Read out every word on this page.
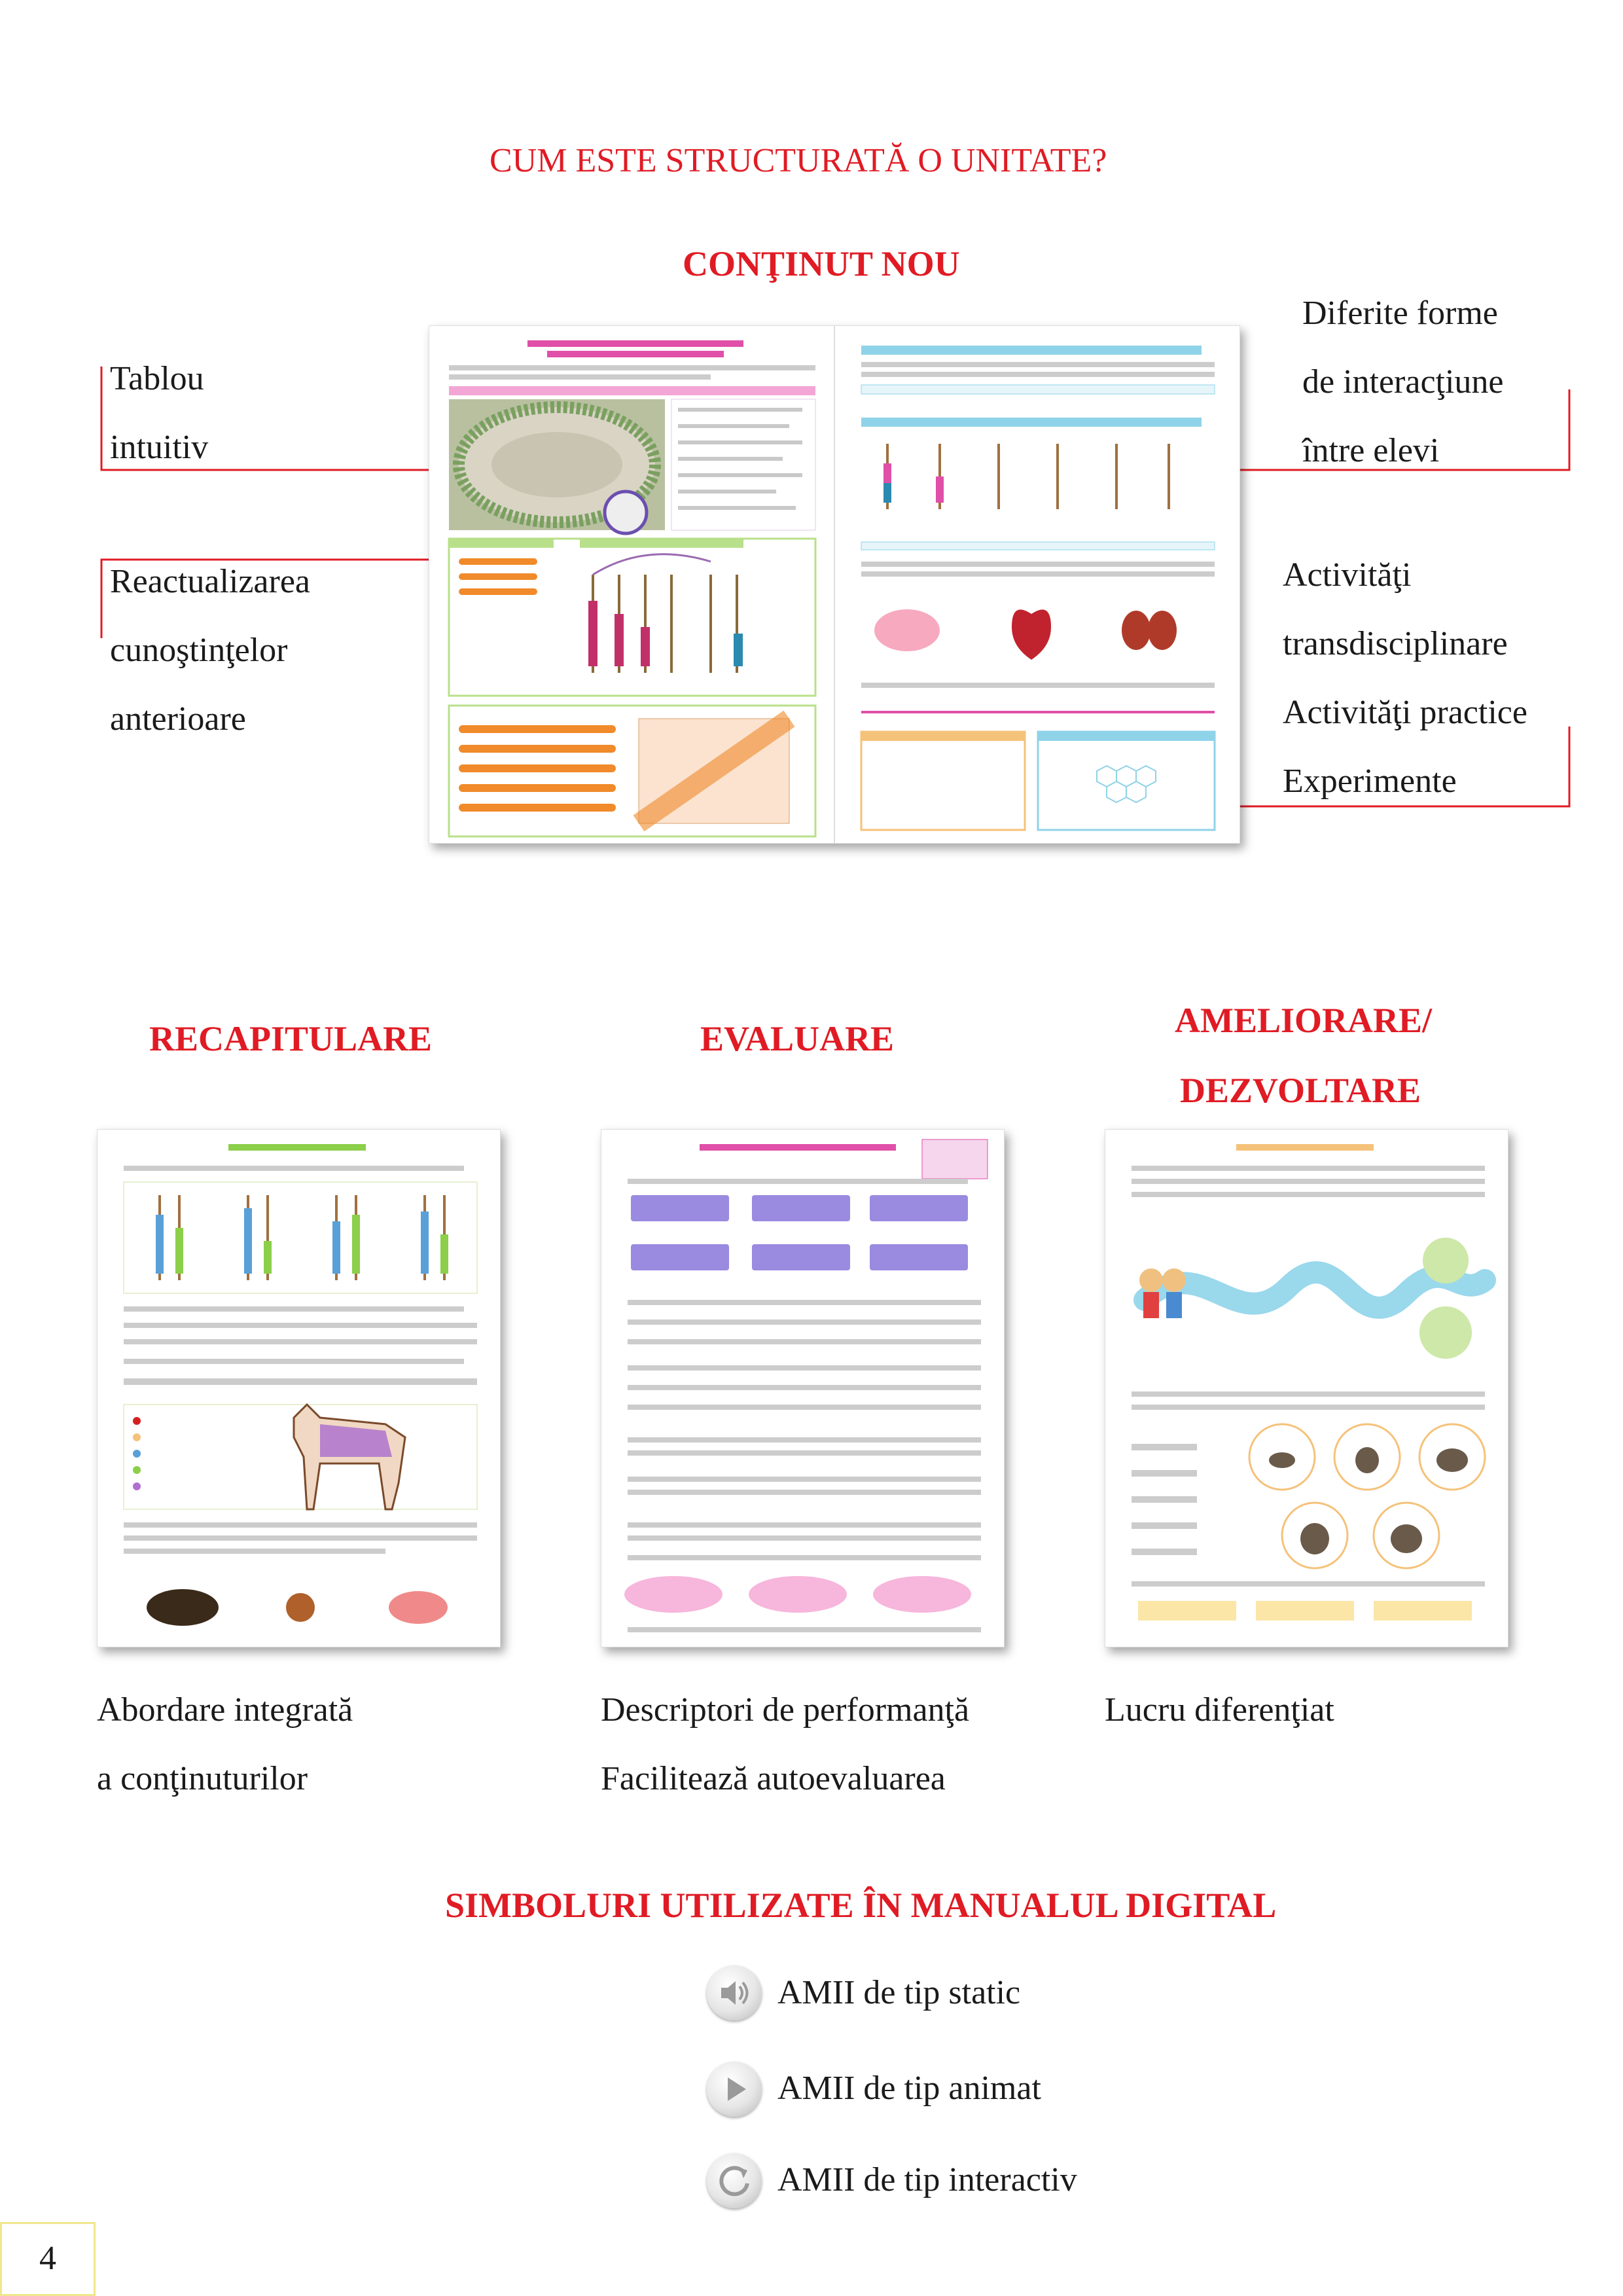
CUM ESTE STRUCTURATĂ O UNITATE?
CONŢINUT NOU
Tablou
intuitiv
Reactualizarea
cunoştinţelor
anterioare
Diferite forme
de interacţiune
între elevi
Activităţi
transdisciplinare
Activităţi practice
Experimente
RECAPITULARE	EVALUARE	AMELIORARE/
DEZVOLTARE
Abordare integrată
a conţinuturilor
Descriptori de performanţă
Facilitează autoevaluarea
Lucru diferenţiat
SIMBOLURI UTILIZATE ÎN MANUALUL DIGITAL
AMII de tip static
AMII de tip animat
AMII de tip interactiv
4
